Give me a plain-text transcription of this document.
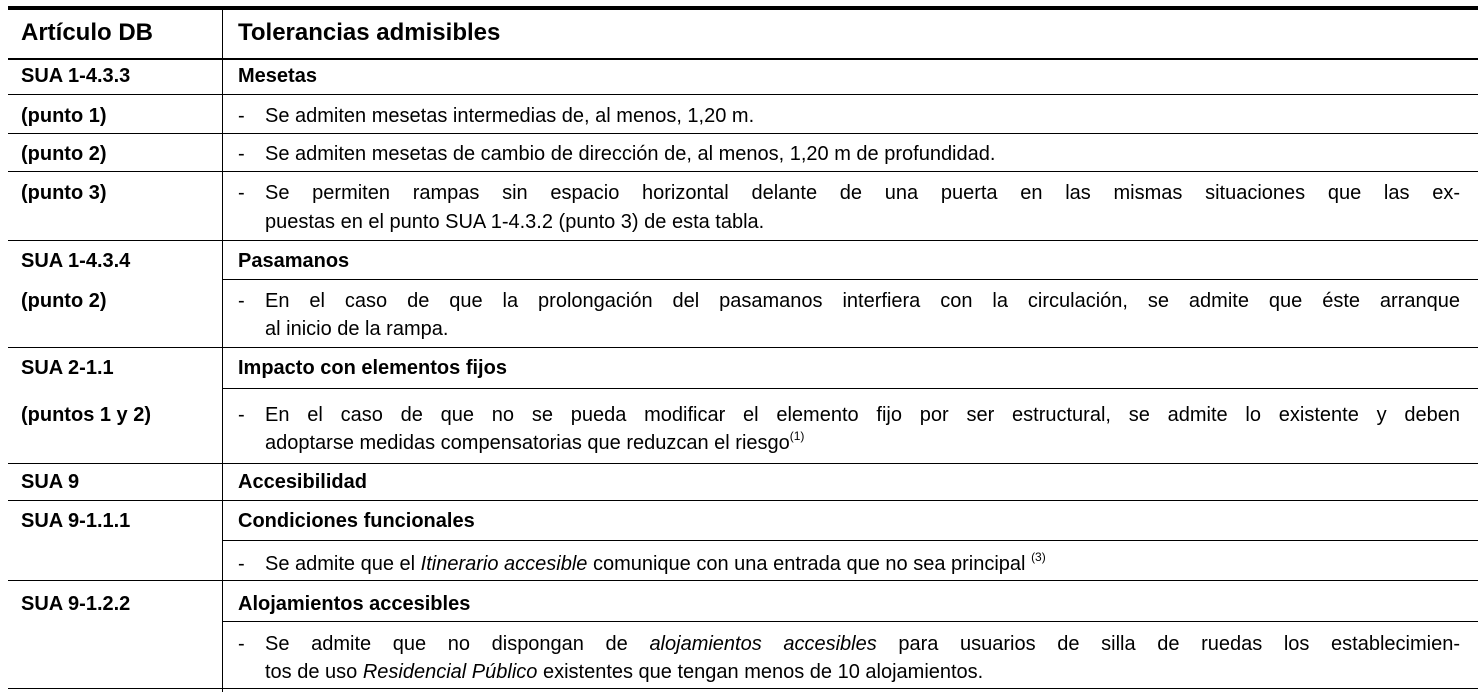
Artículo DB	Tolerancias admisibles
SUA 1-4.3.3	Mesetas
(punto 1)	- Se admiten mesetas intermedias de, al menos, 1,20 m.
(punto 2)	- Se admiten mesetas de cambio de dirección de, al menos, 1,20 m de profundidad.
(punto 3)	- Se permiten rampas sin espacio horizontal delante de una puerta en las mismas situaciones que las ex-
puestas en el punto SUA 1-4.3.2 (punto 3) de esta tabla.
SUA 1-4.3.4	Pasamanos
(punto 2)	- En el caso de que la prolongación del pasamanos interfiera con la circulación, se admite que éste arranque
al inicio de la rampa.
SUA 2-1.1	Impacto con elementos fijos
(puntos 1 y 2)	- En el caso de que no se pueda modificar el elemento fijo por ser estructural, se admite lo existente y deben
adoptarse medidas compensatorias que reduzcan el riesgo$^{(1)}$
SUA 9	Accesibilidad
SUA 9-1.1.1	Condiciones funcionales
- Se admite que el Itinerario accesible comunique con una entrada que no sea principal $^{(3)}$
SUA 9-1.2.2	Alojamientos accesibles
- Se admite que no dispongan de alojamientos accesibles para usuarios de silla de ruedas los establecimien-
tos de uso Residencial Público existentes que tengan menos de 10 alojamientos.
